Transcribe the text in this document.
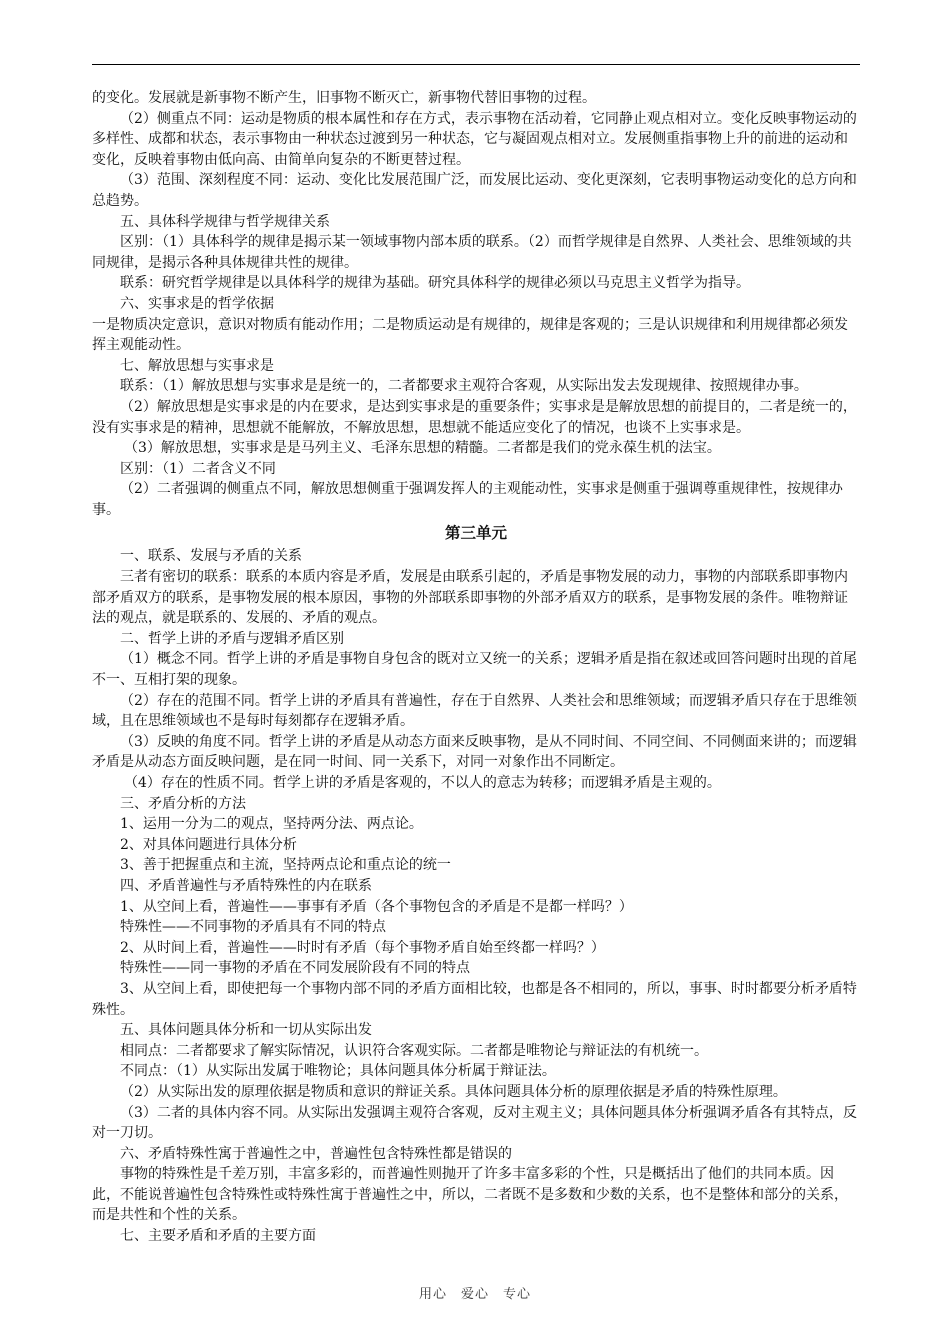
的变化。发展就是新事物不断产生，旧事物不断灭亡，新事物代替旧事物的过程。

（2）侧重点不同：运动是物质的根本属性和存在方式，表示事物在活动着，它同静止观点相对立。变化反映事物运动的多样性、成都和状态，表示事物由一种状态过渡到另一种状态，它与凝固观点相对立。发展侧重指事物上升的前进的运动和变化，反映着事物由低向高、由简单向复杂的不断更替过程。

（3）范围、深刻程度不同：运动、变化比发展范围广泛，而发展比运动、变化更深刻，它表明事物运动变化的总方向和总趋势。

五、具体科学规律与哲学规律关系

区别：（1）具体科学的规律是揭示某一领域事物内部本质的联系。（2）而哲学规律是自然界、人类社会、思维领域的共同规律，是揭示各种具体规律共性的规律。

联系：研究哲学规律是以具体科学的规律为基础。研究具体科学的规律必须以马克思主义哲学为指导。

六、实事求是的哲学依据

一是物质决定意识，意识对物质有能动作用；二是物质运动是有规律的，规律是客观的；三是认识规律和利用规律都必须发挥主观能动性。

七、解放思想与实事求是

联系：（1）解放思想与实事求是是统一的，二者都要求主观符合客观，从实际出发去发现规律、按照规律办事。

（2）解放思想是实事求是的内在要求，是达到实事求是的重要条件；实事求是是解放思想的前提目的，二者是统一的，没有实事求是的精神，思想就不能解放，不解放思想，思想就不能适应变化了的情况，也谈不上实事求是。

（3）解放思想，实事求是是马列主义、毛泽东思想的精髓。二者都是我们的党永葆生机的法宝。

区别：（1）二者含义不同

（2）二者强调的侧重点不同，解放思想侧重于强调发挥人的主观能动性，实事求是侧重于强调尊重规律性，按规律办事。

第三单元

一、联系、发展与矛盾的关系

三者有密切的联系：联系的本质内容是矛盾，发展是由联系引起的，矛盾是事物发展的动力，事物的内部联系即事物内部矛盾双方的联系，是事物发展的根本原因，事物的外部联系即事物的外部矛盾双方的联系，是事物发展的条件。唯物辩证法的观点，就是联系的、发展的、矛盾的观点。

二、哲学上讲的矛盾与逻辑矛盾区别

（1）概念不同。哲学上讲的矛盾是事物自身包含的既对立又统一的关系；逻辑矛盾是指在叙述或回答问题时出现的首尾不一、互相打架的现象。

（2）存在的范围不同。哲学上讲的矛盾具有普遍性，存在于自然界、人类社会和思维领域；而逻辑矛盾只存在于思维领域，且在思维领域也不是每时每刻都存在逻辑矛盾。

（3）反映的角度不同。哲学上讲的矛盾是从动态方面来反映事物，是从不同时间、不同空间、不同侧面来讲的；而逻辑矛盾是从动态方面反映问题，是在同一时间、同一关系下，对同一对象作出不同断定。

（4）存在的性质不同。哲学上讲的矛盾是客观的，不以人的意志为转移；而逻辑矛盾是主观的。

三、矛盾分析的方法

1、运用一分为二的观点，坚持两分法、两点论。

2、对具体问题进行具体分析

3、善于把握重点和主流，坚持两点论和重点论的统一

四、矛盾普遍性与矛盾特殊性的内在联系

1、从空间上看，普遍性——事事有矛盾（各个事物包含的矛盾是不是都一样吗？）

特殊性——不同事物的矛盾具有不同的特点

2、从时间上看，普遍性——时时有矛盾（每个事物矛盾自始至终都一样吗？）

特殊性——同一事物的矛盾在不同发展阶段有不同的特点

3、从空间上看，即使把每一个事物内部不同的矛盾方面相比较，也都是各不相同的，所以，事事、时时都要分析矛盾特殊性。

五、具体问题具体分析和一切从实际出发

相同点：二者都要求了解实际情况，认识符合客观实际。二者都是唯物论与辩证法的有机统一。

不同点：（1）从实际出发属于唯物论；具体问题具体分析属于辩证法。

（2）从实际出发的原理依据是物质和意识的辩证关系。具体问题具体分析的原理依据是矛盾的特殊性原理。

（3）二者的具体内容不同。从实际出发强调主观符合客观，反对主观主义；具体问题具体分析强调矛盾各有其特点，反对一刀切。

六、矛盾特殊性寓于普遍性之中，普遍性包含特殊性都是错误的

事物的特殊性是千差万别，丰富多彩的，而普遍性则抛开了许多丰富多彩的个性，只是概括出了他们的共同本质。因此，不能说普遍性包含特殊性或特殊性寓于普遍性之中，所以，二者既不是多数和少数的关系，也不是整体和部分的关系，而是共性和个性的关系。

七、主要矛盾和矛盾的主要方面

用心　爱心　专心
